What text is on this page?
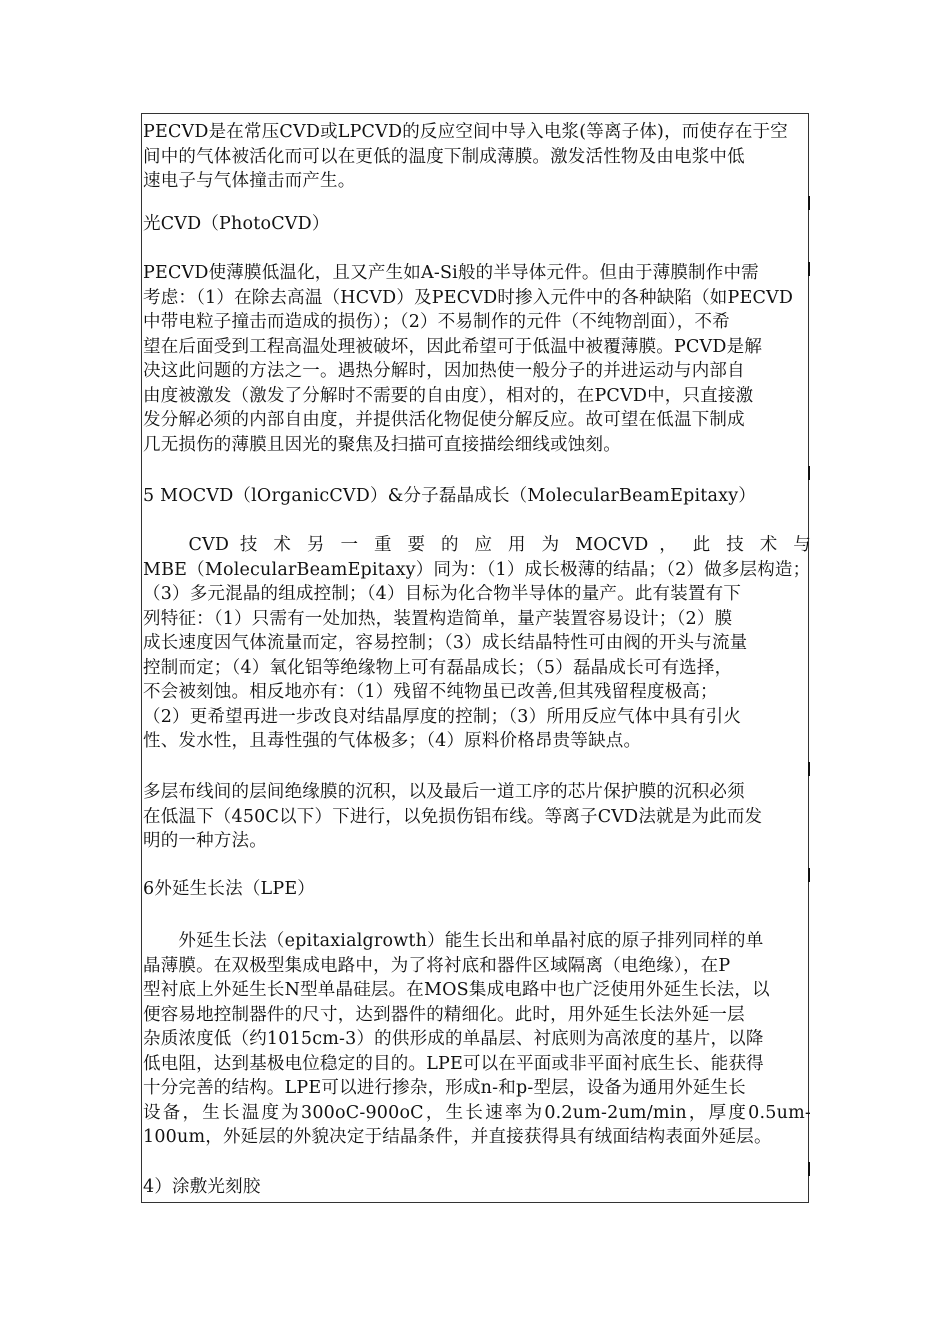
PECVD是在常压CVD或LPCVD的反应空间中导入电浆(等离子体)，而使存在于空
间中的气体被活化而可以在更低的温度下制成薄膜。激发活性物及由电浆中低
速电子与气体撞击而产生。
光CVD（PhotoCVD）
PECVD使薄膜低温化，且又产生如A-Si般的半导体元件。但由于薄膜制作中需
考虑：（1）在除去高温（HCVD）及PECVD时掺入元件中的各种缺陷（如PECVD
中带电粒子撞击而造成的损伤）；（2）不易制作的元件（不纯物剖面），不希
望在后面受到工程高温处理被破坏，因此希望可于低温中被覆薄膜。PCVD是解
决这此问题的方法之一。遇热分解时，因加热使一般分子的并进运动与内部自
由度被激发（激发了分解时不需要的自由度），相对的，在PCVD中，只直接激
发分解必须的内部自由度，并提供活化物促使分解反应。故可望在低温下制成
几无损伤的薄膜且因光的聚焦及扫描可直接描绘细线或蚀刻。
5 MOCVD（lOrganicCVD）&分子磊晶成长（MolecularBeamEpitaxy）
　　CVD 技 术 另 一 重 要 的 应 用 为 MOCVD ， 此 技 术 与
MBE（MolecularBeamEpitaxy）同为：（1）成长极薄的结晶；（2）做多层构造；
（3）多元混晶的组成控制；（4）目标为化合物半导体的量产。此有装置有下
列特征：（1）只需有一处加热，装置构造简单，量产装置容易设计；（2）膜
成长速度因气体流量而定，容易控制；（3）成长结晶特性可由阀的开头与流量
控制而定；（4）氧化铝等绝缘物上可有磊晶成长；（5）磊晶成长可有选择，
不会被刻蚀。相反地亦有：（1）残留不纯物虽已改善,但其残留程度极高；
（2）更希望再进一步改良对结晶厚度的控制；（3）所用反应气体中具有引火
性、发水性，且毒性强的气体极多；（4）原料价格昂贵等缺点。
多层布线间的层间绝缘膜的沉积，以及最后一道工序的芯片保护膜的沉积必须
在低温下（450C以下）下进行，以免损伤铝布线。等离子CVD法就是为此而发
明的一种方法。
6外延生长法（LPE）
　　外延生长法（epitaxialgrowth）能生长出和单晶衬底的原子排列同样的单
晶薄膜。在双极型集成电路中，为了将衬底和器件区域隔离（电绝缘），在P
型衬底上外延生长N型单晶硅层。在MOS集成电路中也广泛使用外延生长法，以
便容易地控制器件的尺寸，达到器件的精细化。此时，用外延生长法外延一层
杂质浓度低（约1015cm-3）的供形成的单晶层、衬底则为高浓度的基片，以降
低电阻，达到基极电位稳定的目的。LPE可以在平面或非平面衬底生长、能获得
十分完善的结构。LPE可以进行掺杂，形成n-和p-型层，设备为通用外延生长
设备，生长温度为300oC-900oC，生长速率为0.2um-2um/min，厚度0.5um-
100um，外延层的外貌决定于结晶条件，并直接获得具有绒面结构表面外延层。
4）涂敷光刻胶
